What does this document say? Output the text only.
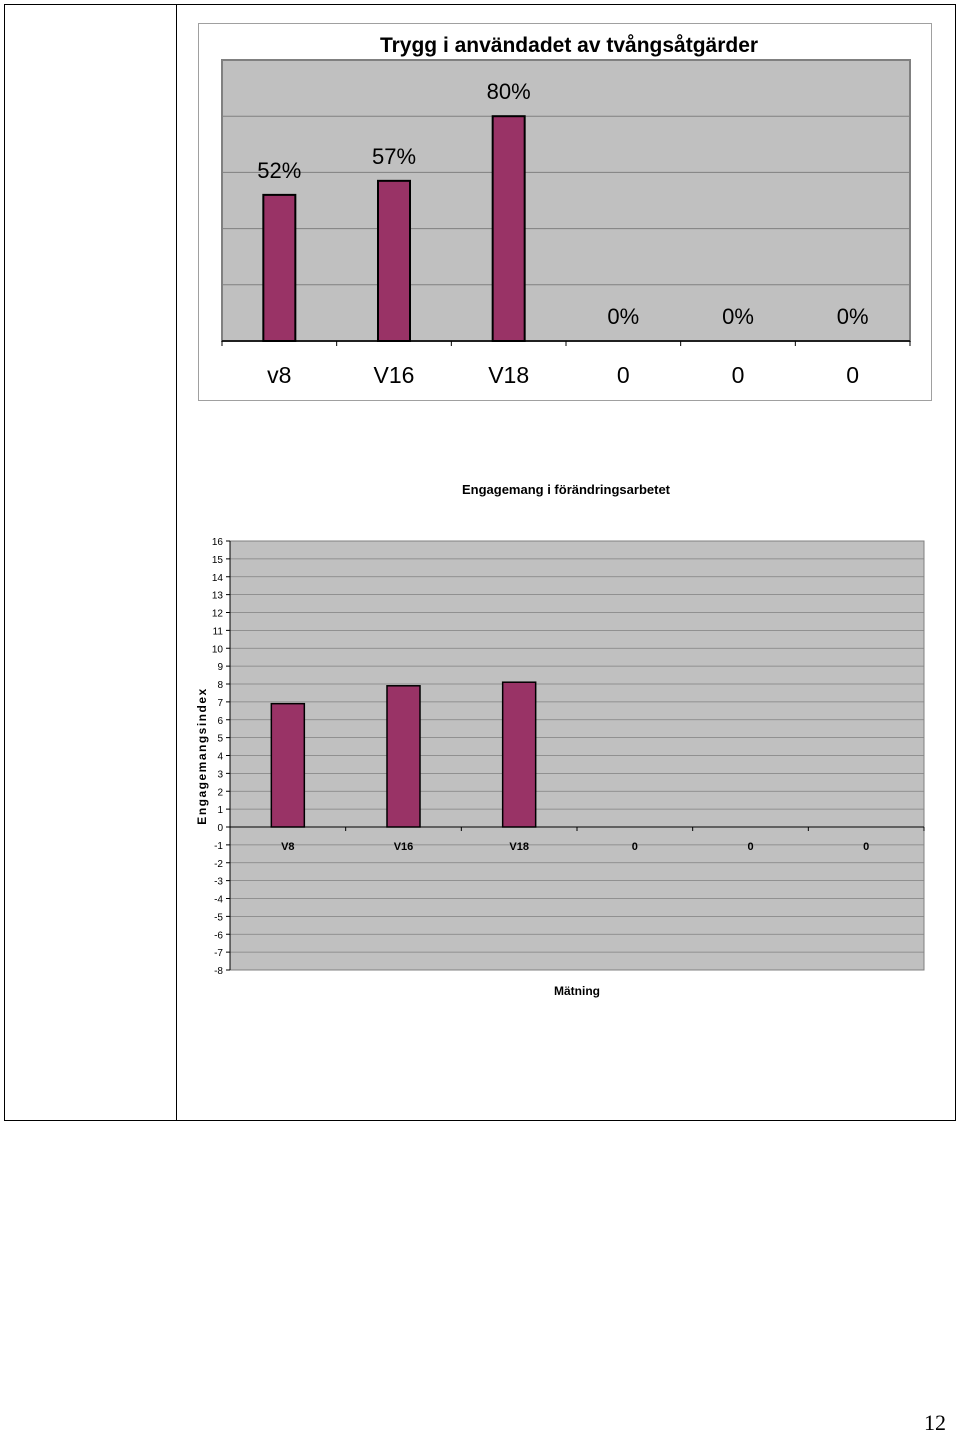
Trygg i användadet av tvångsåtgärder
52%
v8
57%
V16
80%
V18
0%
0
0%
0
0%
0
Engagemang i förändringsarbetet
Engagemangsindex
Mätning
16
15
14
13
12
11
10
9
8
7
6
5
4
3
2
1
0
-1
-2
-3
-4
-5
-6
-7
-8
V8	V16	V18	0	0	0
12
